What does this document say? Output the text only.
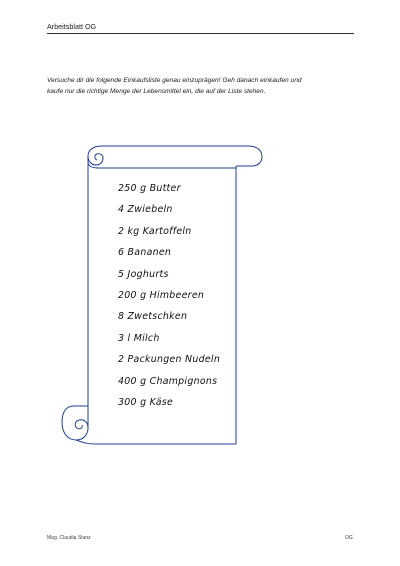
Arbeitsblatt OG
Versuche dir die folgende Einkaufsliste genau einzuprägen! Geh danach einkaufen und
kaufe nur die richtige Menge der Lebensmittel ein, die auf der Liste stehen.
250 g Butter
4 Zwiebeln
2 kg Kartoffeln
6 Bananen
5 Joghurts
200 g Himbeeren
8 Zwetschken
3 l Milch
2 Packungen Nudeln
400 g Champignons
300 g Käse
Mag. Claudia Stanz	OG
